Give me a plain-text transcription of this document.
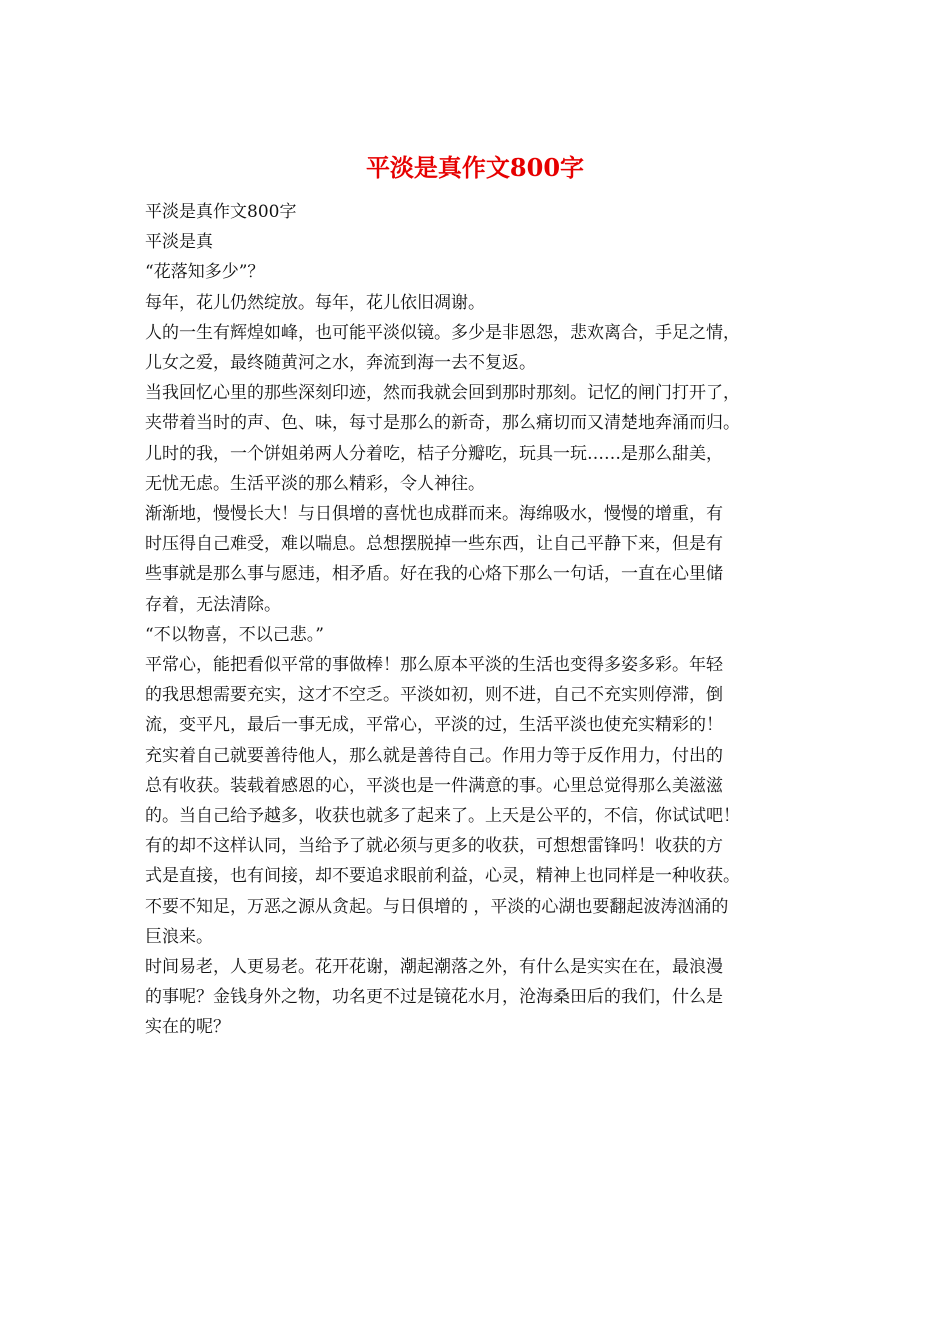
平淡是真作文800字
平淡是真作文800字
平淡是真
“花落知多少”？
每年，花儿仍然绽放。每年，花儿依旧凋谢。
人的一生有辉煌如峰，也可能平淡似镜。多少是非恩怨，悲欢离合，手足之情，
儿女之爱，最终随黄河之水，奔流到海一去不复返。
当我回忆心里的那些深刻印迹，然而我就会回到那时那刻。记忆的闸门打开了，
夹带着当时的声、色、味，每寸是那么的新奇，那么痛切而又清楚地奔涌而归。
儿时的我，一个饼姐弟两人分着吃，桔子分瓣吃，玩具一玩……是那么甜美，
无忧无虑。生活平淡的那么精彩，令人神往。
渐渐地，慢慢长大！与日俱增的喜忧也成群而来。海绵吸水，慢慢的增重，有
时压得自己难受，难以喘息。总想摆脱掉一些东西，让自己平静下来，但是有
些事就是那么事与愿违，相矛盾。好在我的心烙下那么一句话，一直在心里储
存着，无法清除。
“不以物喜，不以己悲。”
平常心，能把看似平常的事做棒！那么原本平淡的生活也变得多姿多彩。年轻
的我思想需要充实，这才不空乏。平淡如初，则不进，自己不充实则停滞，倒
流，变平凡，最后一事无成，平常心，平淡的过，生活平淡也使充实精彩的！
充实着自己就要善待他人，那么就是善待自己。作用力等于反作用力，付出的
总有收获。装载着感恩的心，平淡也是一件满意的事。心里总觉得那么美滋滋
的。当自己给予越多，收获也就多了起来了。上天是公平的，不信，你试试吧！
有的却不这样认同，当给予了就必须与更多的收获，可想想雷锋吗！收获的方
式是直接，也有间接，却不要追求眼前利益，心灵，精神上也同样是一种收获。
不要不知足，万恶之源从贪起。与日俱增的 ，平淡的心湖也要翻起波涛汹涌的
巨浪来。
时间易老，人更易老。花开花谢，潮起潮落之外，有什么是实实在在，最浪漫
的事呢？金钱身外之物，功名更不过是镜花水月，沧海桑田后的我们，什么是
实在的呢？
